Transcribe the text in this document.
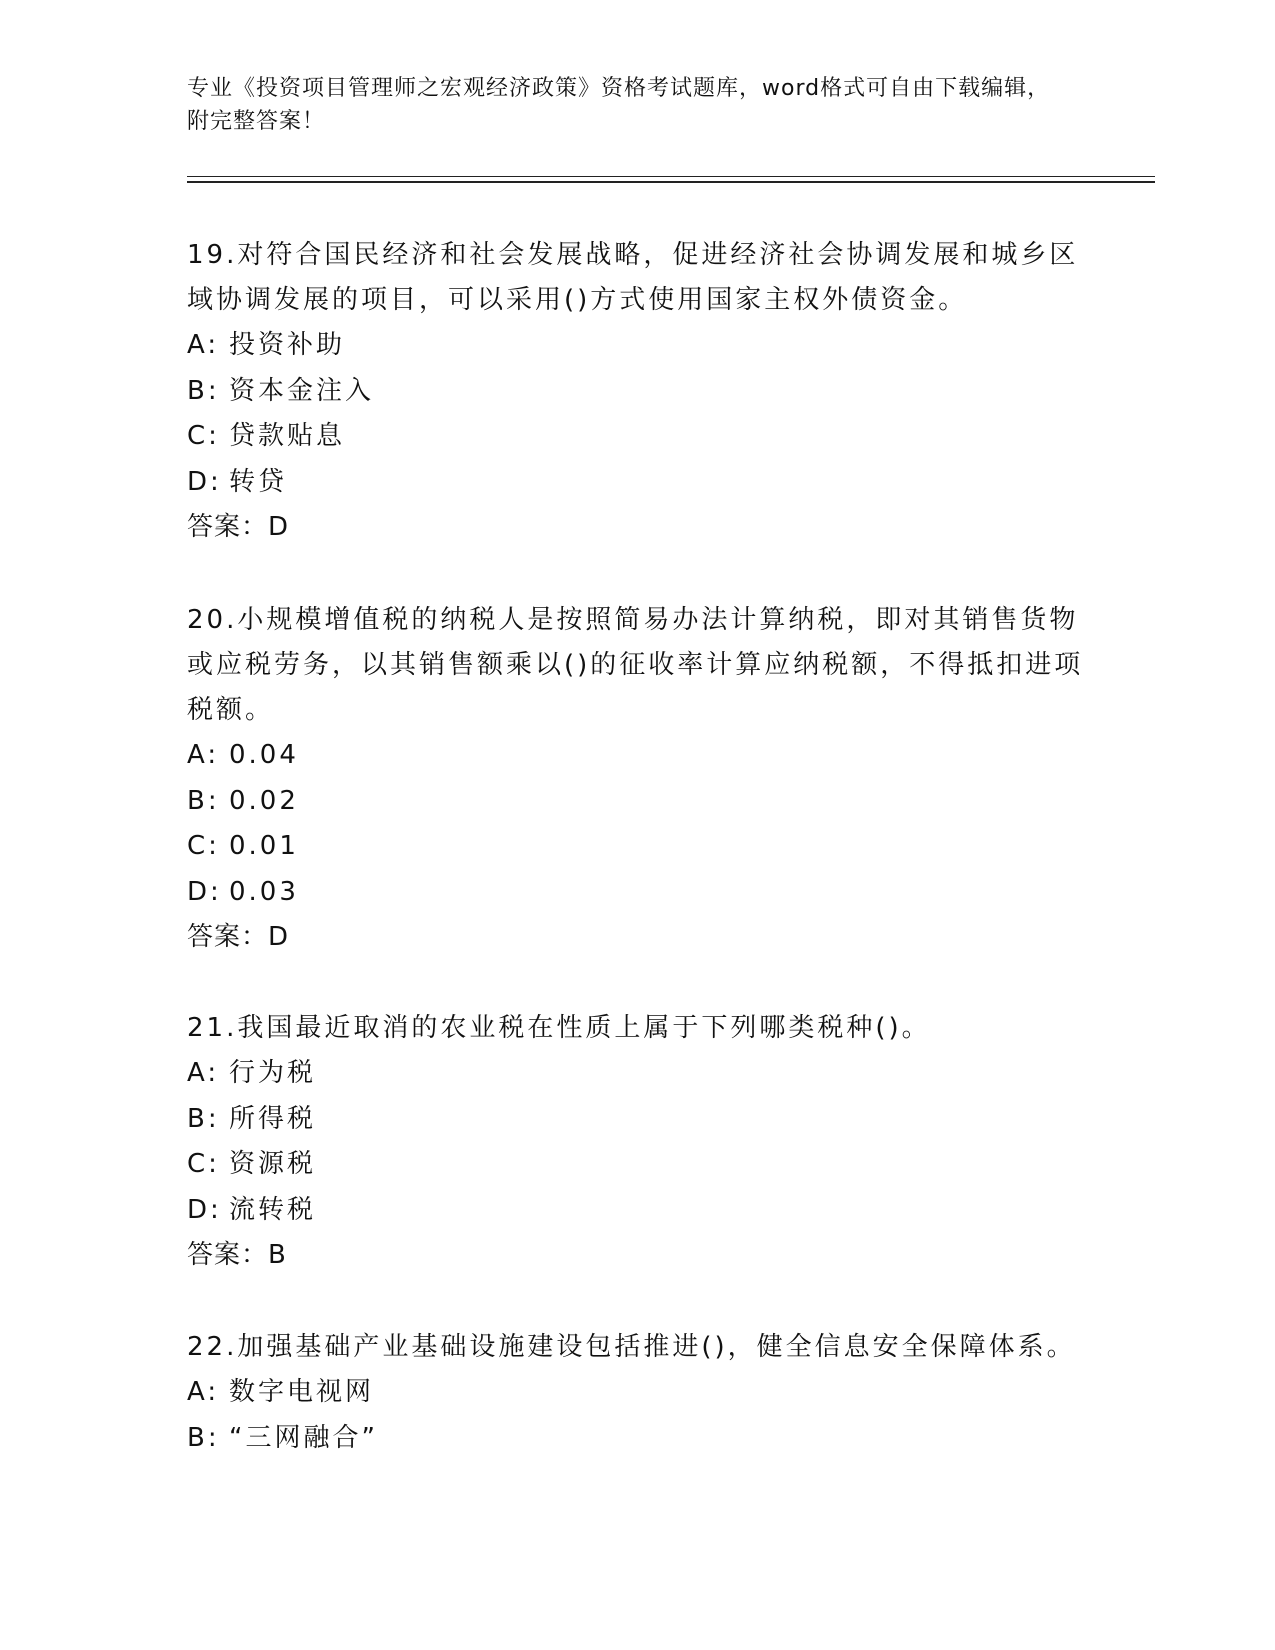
专业《投资项目管理师之宏观经济政策》资格考试题库，word格式可自由下载编辑，附完整答案！
19.对符合国民经济和社会发展战略，促进经济社会协调发展和城乡区域协调发展的项目，可以采用()方式使用国家主权外债资金。
A: 投资补助
B: 资本金注入
C: 贷款贴息
D: 转贷
答案：D
20.小规模增值税的纳税人是按照简易办法计算纳税，即对其销售货物或应税劳务，以其销售额乘以()的征收率计算应纳税额，不得抵扣进项税额。
A: 0.04
B: 0.02
C: 0.01
D: 0.03
答案：D
21.我国最近取消的农业税在性质上属于下列哪类税种()。
A: 行为税
B: 所得税
C: 资源税
D: 流转税
答案：B
22.加强基础产业基础设施建设包括推进()，健全信息安全保障体系。
A: 数字电视网
B: “三网融合”
